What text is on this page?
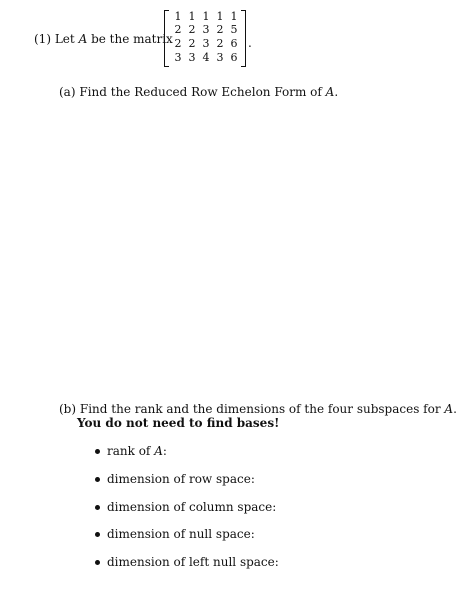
(1) Let A be the matrix
1 1 1 1 1
2 2 3 2 5
2 2 3 2 6
3 3 4 3 6
.
(a) Find the Reduced Row Echelon Form of A.
(b) Find the rank and the dimensions of the four subspaces for A.
You do not need to find bases!
rank of A:
dimension of row space:
dimension of column space:
dimension of null space:
dimension of left null space:
